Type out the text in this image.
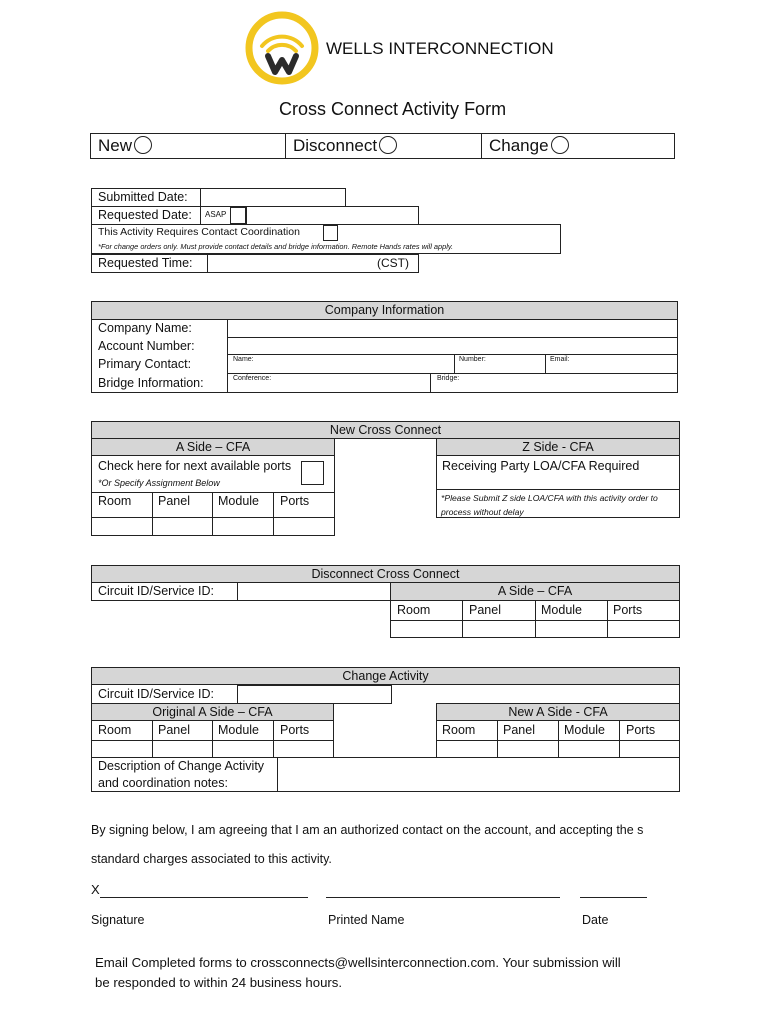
WELLS INTERCONNECTION
Cross Connect Activity Form
New	Disconnect	Change
Submitted Date:
Requested Date: ASAP
This Activity Requires Contact Coordination
*For change orders only. Must provide contact details and bridge information. Remote Hands rates will apply.
Requested Time:	(CST)
Company Information
Company Name:
Account Number:
Primary Contact:
Bridge Information:
Name:	Number:	Email:
Conference:	Bridge:
New Cross Connect
A Side – CFA	Z Side - CFA
Check here for next available ports
*Or Specify Assignment Below
Receiving Party LOA/CFA Required
*Please Submit Z side LOA/CFA with this activity order to process without delay
Room Panel Module Ports
Disconnect Cross Connect
Circuit ID/Service ID:	A Side – CFA
Room	Panel	Module Ports
Change Activity
Circuit ID/Service ID:
Original A Side – CFA	New A Side - CFA
Room Panel Module Ports	Room Panel Module Ports
Description of Change Activity
and coordination notes:
By signing below, I am agreeing that I am an authorized contact on the account, and accepting the s
standard charges associated to this activity.
X
Signature	Printed Name	Date
Email Completed forms to crossconnects@wellsinterconnection.com. Your submission will
be responded to within 24 business hours.
